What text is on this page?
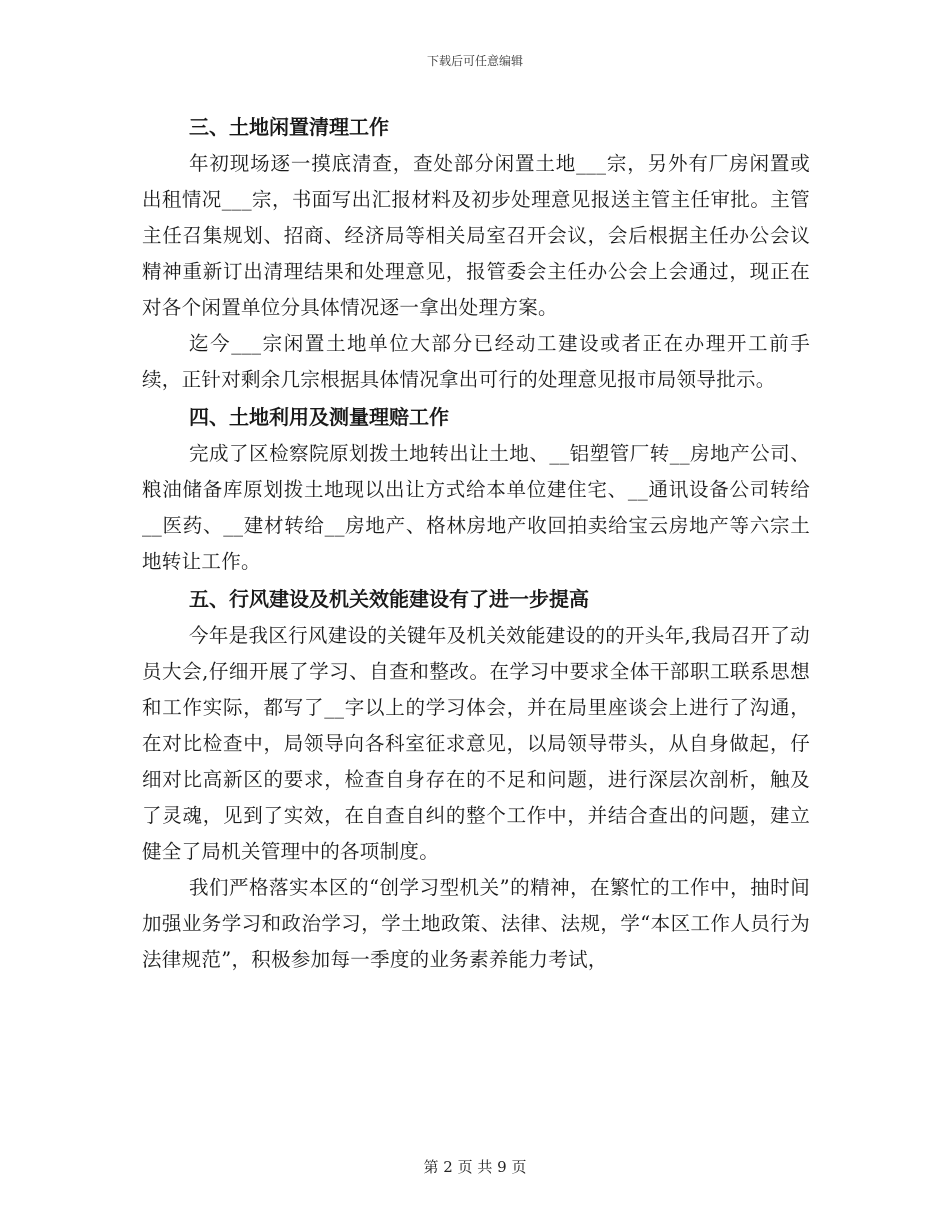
下载后可任意编辑
三、土地闲置清理工作

年初现场逐一摸底清查，查处部分闲置土地___宗，另外有厂房闲置或出租情况___宗，书面写出汇报材料及初步处理意见报送主管主任审批。主管主任召集规划、招商、经济局等相关局室召开会议，会后根据主任办公会议精神重新订出清理结果和处理意见，报管委会主任办公会上会通过，现正在对各个闲置单位分具体情况逐一拿出处理方案。

迄今___宗闲置土地单位大部分已经动工建设或者正在办理开工前手续，正针对剩余几宗根据具体情况拿出可行的处理意见报市局领导批示。

四、土地利用及测量理赔工作

完成了区检察院原划拨土地转出让土地、__铝塑管厂转__房地产公司、粮油储备库原划拨土地现以出让方式给本单位建住宅、__通讯设备公司转给__医药、__建材转给__房地产、格林房地产收回拍卖给宝云房地产等六宗土地转让工作。

五、行风建设及机关效能建设有了进一步提高

今年是我区行风建设的关键年及机关效能建设的的开头年,我局召开了动员大会,仔细开展了学习、自查和整改。在学习中要求全体干部职工联系思想和工作实际，都写了__字以上的学习体会，并在局里座谈会上进行了沟通，在对比检查中，局领导向各科室征求意见，以局领导带头，从自身做起，仔细对比高新区的要求，检查自身存在的不足和问题，进行深层次剖析，触及了灵魂，见到了实效，在自查自纠的整个工作中，并结合查出的问题，建立健全了局机关管理中的各项制度。

我们严格落实本区的“创学习型机关”的精神，在繁忙的工作中，抽时间加强业务学习和政治学习，学土地政策、法律、法规，学“本区工作人员行为法律规范”，积极参加每一季度的业务素养能力考试，

第 2 页 共 9 页
